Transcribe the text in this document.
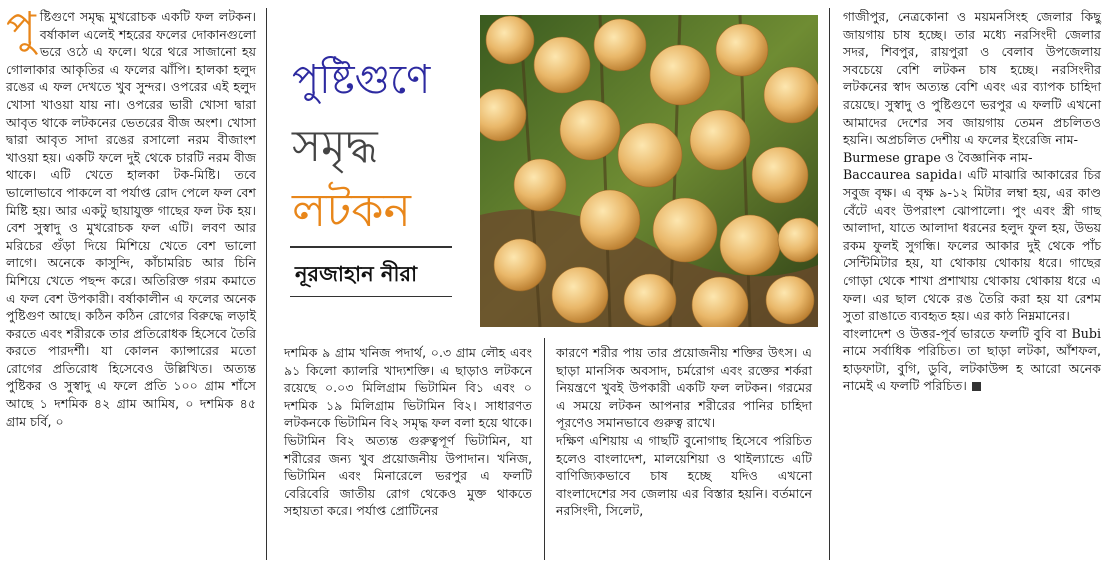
পুষ্টিগুণে সমৃদ্ধ মুখরোচক একটি ফল লটকন। বর্ষাকাল এলেই শহরের ফলের দোকানগুলো ভরে ওঠে এ ফলে। থরে থরে সাজানো হয় গোলাকার আকৃতির এ ফলের ঝাঁপি। হালকা হলুদ রঙের এ ফল দেখতে খুব সুন্দর। ওপরের এই হলুদ খোসা খাওয়া যায় না। ওপরের ভারী খোসা দ্বারা আবৃত থাকে লটকনের ভেতরের বীজ অংশ। খোসা দ্বারা আবৃত সাদা রঙের রসালো নরম বীজাংশ খাওয়া হয়। একটি ফলে দুই থেকে চারটি নরম বীজ থাকে। এটি খেতে হালকা টক-মিষ্টি। তবে ভালোভাবে পাকলে বা পর্যাপ্ত রোদ পেলে ফল বেশ মিষ্টি হয়। আর একটু ছায়াযুক্ত গাছের ফল টক হয়। বেশ সুস্বাদু ও মুখরোচক ফল এটি। লবণ আর মরিচের গুঁড়া দিয়ে মিশিয়ে খেতে বেশ ভালো লাগে। অনেকে কাসুন্দি, কাঁচামরিচ আর চিনি মিশিয়ে খেতে পছন্দ করে। অতিরিক্ত গরম কমাতে এ ফল বেশ উপকারী। বর্ষাকালীন এ ফলের অনেক পুষ্টিগুণ আছে। কঠিন কঠিন রোগের বিরুদ্ধে লড়াই করতে এবং শরীরকে তার প্রতিরোধক হিসেবে তৈরি করতে পারদর্শী। যা কোলন ক্যান্সারের মতো রোগের প্রতিরোধ হিসেবেও উল্লিখিত। অত্যন্ত পুষ্টিকর ও সুস্বাদু এ ফলে প্রতি ১০০ গ্রাম শাঁসে আছে ১ দশমিক ৪২ গ্রাম আমিষ, ০ দশমিক ৪৫ গ্রাম চর্বি, ০

পুষ্টিগুণে
সমৃদ্ধ
লটকন
নূরজাহান নীরা

দশমিক ৯ গ্রাম খনিজ পদার্থ, ০.৩ গ্রাম লৌহ এবং ৯১ কিলো ক্যালরি খাদ্যশক্তি। এ ছাড়াও লটকনে রয়েছে ০.০৩ মিলিগ্রাম ভিটামিন বি১ এবং ০ দশমিক ১৯ মিলিগ্রাম ভিটামিন বি২। সাধারণত লটকনকে ভিটামিন বি২ সমৃদ্ধ ফল বলা হয়ে থাকে। ভিটামিন বি২ অত্যন্ত গুরুত্বপূর্ণ ভিটামিন, যা শরীরের জন্য খুব প্রয়োজনীয় উপাদান। খনিজ, ভিটামিন এবং মিনারেলে ভরপুর এ ফলটি বেরিবেরি জাতীয় রোগ থেকেও মুক্ত থাকতে সহায়তা করে। পর্যাপ্ত প্রোটিনের

কারণে শরীর পায় তার প্রয়োজনীয় শক্তির উৎস। এ ছাড়া মানসিক অবসাদ, চর্মরোগ এবং রক্তের শর্করা নিয়ন্ত্রণে খুবই উপকারী একটি ফল লটকন। গরমের এ সময়ে লটকন আপনার শরীরের পানির চাহিদা পূরণেও সমানভাবে গুরুত্ব রাখে।

দক্ষিণ এশিয়ায় এ গাছটি বুনোগাছ হিসেবে পরিচিত হলেও বাংলাদেশ, মালয়েশিয়া ও থাইল্যান্ডে এটি বাণিজ্যিকভাবে চাষ হচ্ছে যদিও এখনো বাংলাদেশের সব জেলায় এর বিস্তার হয়নি। বর্তমানে নরসিংদী, সিলেট,

গাজীপুর, নেত্রকোনা ও ময়মনসিংহ জেলার কিছু জায়গায় চাষ হচ্ছে। তার মধ্যে নরসিংদী জেলার সদর, শিবপুর, রায়পুরা ও বেলাব উপজেলায় সবচেয়ে বেশি লটকন চাষ হচ্ছে। নরসিংদীর লটকনের স্বাদ অত্যন্ত বেশি এবং এর ব্যাপক চাহিদা রয়েছে। সুস্বাদু ও পুষ্টিগুণে ভরপুর এ ফলটি এখনো আমাদের দেশের সব জায়গায় তেমন প্রচলিতও হয়নি। অপ্রচলিত দেশীয় এ ফলের ইংরেজি নাম-
Burmese grape ও বৈজ্ঞানিক নাম-
Baccaurea sapida। এটি মাঝারি আকারের চির সবুজ বৃক্ষ। এ বৃক্ষ ৯-১২ মিটার লম্বা হয়, এর কাণ্ড বেঁটে এবং উপরাংশ ঝোপালো। পুং এবং স্ত্রী গাছ আলাদা, যাতে আলাদা ধরনের হলুদ ফুল হয়, উভয় রকম ফুলই সুগন্ধি। ফলের আকার দুই থেকে পাঁচ সেন্টিমিটার হয়, যা থোকায় থোকায় ধরে। গাছের গোড়া থেকে শাখা প্রশাখায় থোকায় থোকায় ধরে এ ফল। এর ছাল থেকে রঙ তৈরি করা হয় যা রেশম সুতা রাঙাতে ব্যবহৃত হয়। এর কাঠ নিম্নমানের।

বাংলাদেশ ও উত্তর-পূর্ব ভারতে ফলটি বুবি বা Bubi নামে সর্বাধিক পরিচিত। তা ছাড়া লটকা, আঁশফল, হাড়ফাটা, বুগি, ডুবি, লটকাউন্স হ আরো অনেক নামেই এ ফলটি পরিচিত।
